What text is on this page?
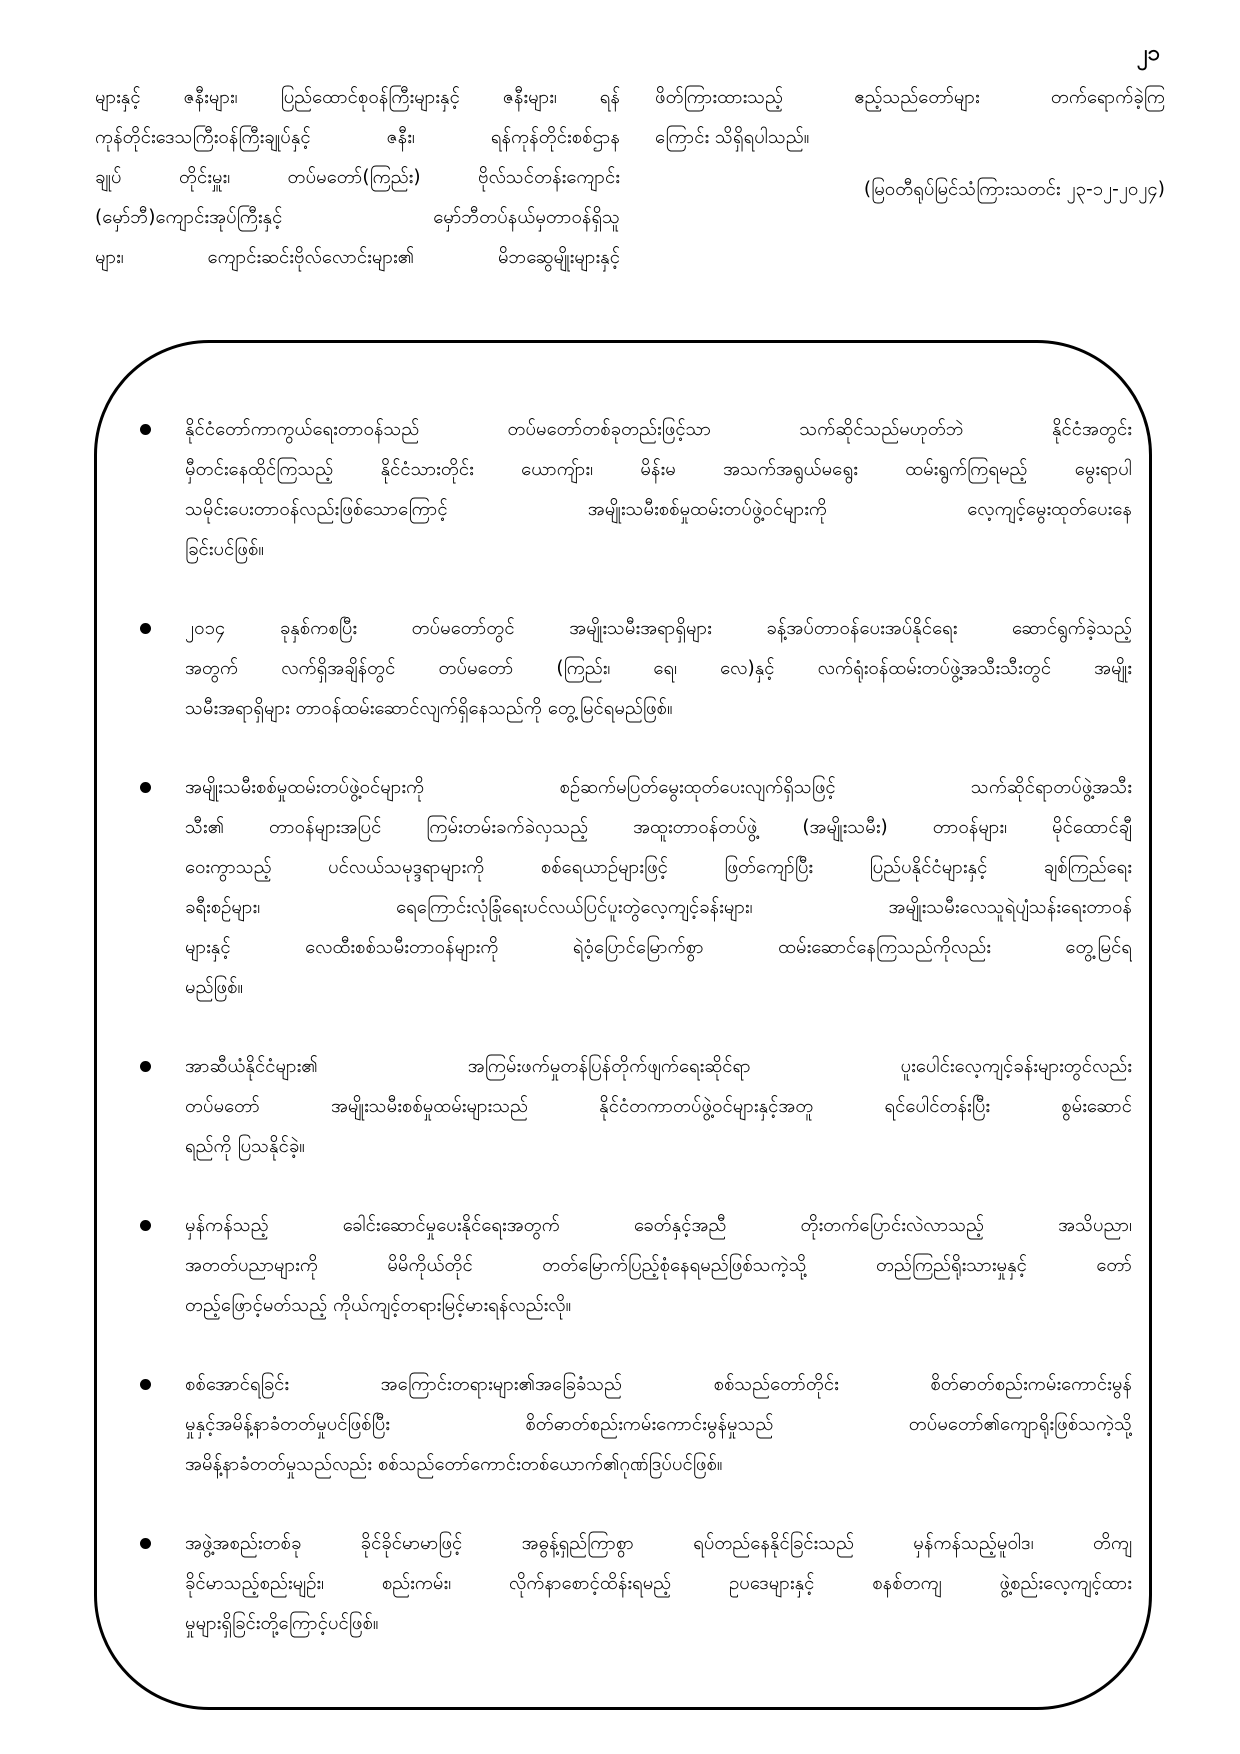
၂၁
များနှင့် ဇနီးများ၊ ပြည်ထောင်စုဝန်ကြီးများနှင့် ဇနီးများ၊ ရန်
ကုန်တိုင်းဒေသကြီးဝန်ကြီးချုပ်နှင့် ဇနီး၊ ရန်ကုန်တိုင်းစစ်ဌာန
ချုပ် တိုင်းမှူး၊ တပ်မတော်(ကြည်း) ဗိုလ်သင်တန်းကျောင်း
(မှော်ဘီ)ကျောင်းအုပ်ကြီးနှင့် မှော်ဘီတပ်နယ်မှတာဝန်ရှိသူ
များ၊ ကျောင်းဆင်းဗိုလ်လောင်းများ၏ မိဘဆွေမျိုးများနှင့်
ဖိတ်ကြားထားသည့် ဧည့်သည်တော်များ တက်ရောက်ခဲ့ကြ
ကြောင်း သိရှိရပါသည်။
(မြဝတီရုပ်မြင်သံကြားသတင်း ၂၃-၁၂-၂၀၂၄)
နိုင်ငံတော်ကာကွယ်ရေးတာဝန်သည် တပ်မတော်တစ်ခုတည်းဖြင့်သာ သက်ဆိုင်သည်မဟုတ်ဘဲ နိုင်ငံအတွင်း
မှီတင်းနေထိုင်ကြသည့် နိုင်ငံသားတိုင်း ယောကျ်ား၊ မိန်းမ အသက်အရွယ်မရွေး ထမ်းရွက်ကြရမည့် မွေးရာပါ
သမိုင်းပေးတာဝန်လည်းဖြစ်သောကြောင့် အမျိုးသမီးစစ်မှုထမ်းတပ်ဖွဲ့ဝင်များကို လေ့ကျင့်မွေးထုတ်ပေးနေ
ခြင်းပင်ဖြစ်။
၂၀၁၄ ခုနှစ်ကစပြီး တပ်မတော်တွင် အမျိုးသမီးအရာရှိများ ခန့်အပ်တာဝန်ပေးအပ်နိုင်ရေး ဆောင်ရွက်ခဲ့သည့်
အတွက် လက်ရှိအချိန်တွင် တပ်မတော် (ကြည်း၊ ရေ၊ လေ)နှင့် လက်ရုံးဝန်ထမ်းတပ်ဖွဲ့အသီးသီးတွင် အမျိုး
သမီးအရာရှိများ တာဝန်ထမ်းဆောင်လျက်ရှိနေသည်ကို တွေ့မြင်ရမည်ဖြစ်။
အမျိုးသမီးစစ်မှုထမ်းတပ်ဖွဲ့ဝင်များကို စဉ်ဆက်မပြတ်မွေးထုတ်ပေးလျက်ရှိသဖြင့် သက်ဆိုင်ရာတပ်ဖွဲ့အသီး
သီး၏ တာဝန်များအပြင် ကြမ်းတမ်းခက်ခဲလှသည့် အထူးတာဝန်တပ်ဖွဲ့ (အမျိုးသမီး) တာဝန်များ၊ မိုင်ထောင်ချီ
ဝေးကွာသည့် ပင်လယ်သမုဒ္ဒရာများကို စစ်ရေယာဉ်များဖြင့် ဖြတ်ကျော်ပြီး ပြည်ပနိုင်ငံများနှင့် ချစ်ကြည်ရေး
ခရီးစဉ်များ၊ ရေကြောင်းလုံခြုံရေးပင်လယ်ပြင်ပူးတွဲလေ့ကျင့်ခန်းများ၊ အမျိုးသမီးလေသူရဲပျံသန်းရေးတာဝန်
များနှင့် လေထီးစစ်သမီးတာဝန်များကို ရဲဝံ့ပြောင်မြောက်စွာ ထမ်းဆောင်နေကြသည်ကိုလည်း တွေ့မြင်ရ
မည်ဖြစ်။
အာဆီယံနိုင်ငံများ၏ အကြမ်းဖက်မှုတန်ပြန်တိုက်ဖျက်ရေးဆိုင်ရာ ပူးပေါင်းလေ့ကျင့်ခန်းများတွင်လည်း
တပ်မတော် အမျိုးသမီးစစ်မှုထမ်းများသည် နိုင်ငံတကာတပ်ဖွဲ့ဝင်များနှင့်အတူ ရင်ပေါင်တန်းပြီး စွမ်းဆောင်
ရည်ကို ပြသနိုင်ခဲ့။
မှန်ကန်သည့် ခေါင်းဆောင်မှုပေးနိုင်ရေးအတွက် ခေတ်နှင့်အညီ တိုးတက်ပြောင်းလဲလာသည့် အသိပညာ၊
အတတ်ပညာများကို မိမိကိုယ်တိုင် တတ်မြောက်ပြည့်စုံနေရမည်ဖြစ်သကဲ့သို့ တည်ကြည်ရိုးသားမှုနှင့် တော်
တည့်ဖြောင့်မတ်သည့် ကိုယ်ကျင့်တရားမြင့်မားရန်လည်းလို။
စစ်အောင်ရခြင်း အကြောင်းတရားများ၏အခြေခံသည် စစ်သည်တော်တိုင်း စိတ်ဓာတ်စည်းကမ်းကောင်းမွန်
မှုနှင့်အမိန့်နာခံတတ်မှုပင်ဖြစ်ပြီး စိတ်ဓာတ်စည်းကမ်းကောင်းမွန်မှုသည် တပ်မတော်၏ကျောရိုးဖြစ်သကဲ့သို့
အမိန့်နာခံတတ်မှုသည်လည်း စစ်သည်တော်ကောင်းတစ်ယောက်၏ဂုဏ်ဒြပ်ပင်ဖြစ်။
အဖွဲ့အစည်းတစ်ခု ခိုင်ခိုင်မာမာဖြင့် အဓွန့်ရှည်ကြာစွာ ရပ်တည်နေနိုင်ခြင်းသည် မှန်ကန်သည့်မူဝါဒ၊ တိကျ
ခိုင်မာသည့်စည်းမျဉ်း၊ စည်းကမ်း၊ လိုက်နာစောင့်ထိန်းရမည့် ဥပဒေများနှင့် စနစ်တကျ ဖွဲ့စည်းလေ့ကျင့်ထား
မှုများရှိခြင်းတို့ကြောင့်ပင်ဖြစ်။
